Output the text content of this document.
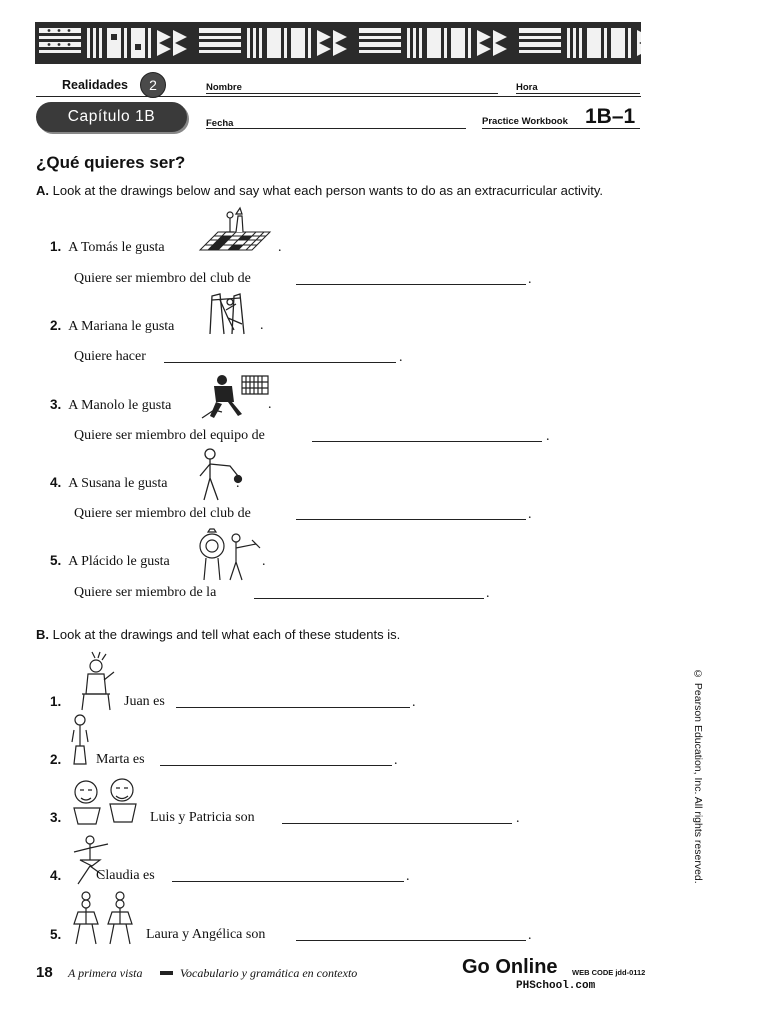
Realidades	2
Capítulo 1B
Nombre	Hora
Fecha	Practice Workbook 1B–1
¿Qué quieres ser?
A. Look at the drawings below and say what each person wants to do as an extracurricular activity.
1. A Tomás le gusta	.
Quiere ser miembro del club de	.
2. A Mariana le gusta	.
Quiere hacer	.
3. A Manolo le gusta	.
Quiere ser miembro del equipo de	.
4. A Susana le gusta	.
Quiere ser miembro del club de	.
5. A Plácido le gusta	.
Quiere ser miembro de la	.
B. Look at the drawings and tell what each of these students is.
1.	Juan es	.
2. Marta es	.
3.	Luis y Patricia son	.
4. Claudia es	.
5.	Laura y Angélica son	.
© Pearson Education, Inc. All rights reserved.
18 A primera vista	Vocabulario y gramática en contexto	Go Online WEB CODE jdd-0112
PHSchool.com
